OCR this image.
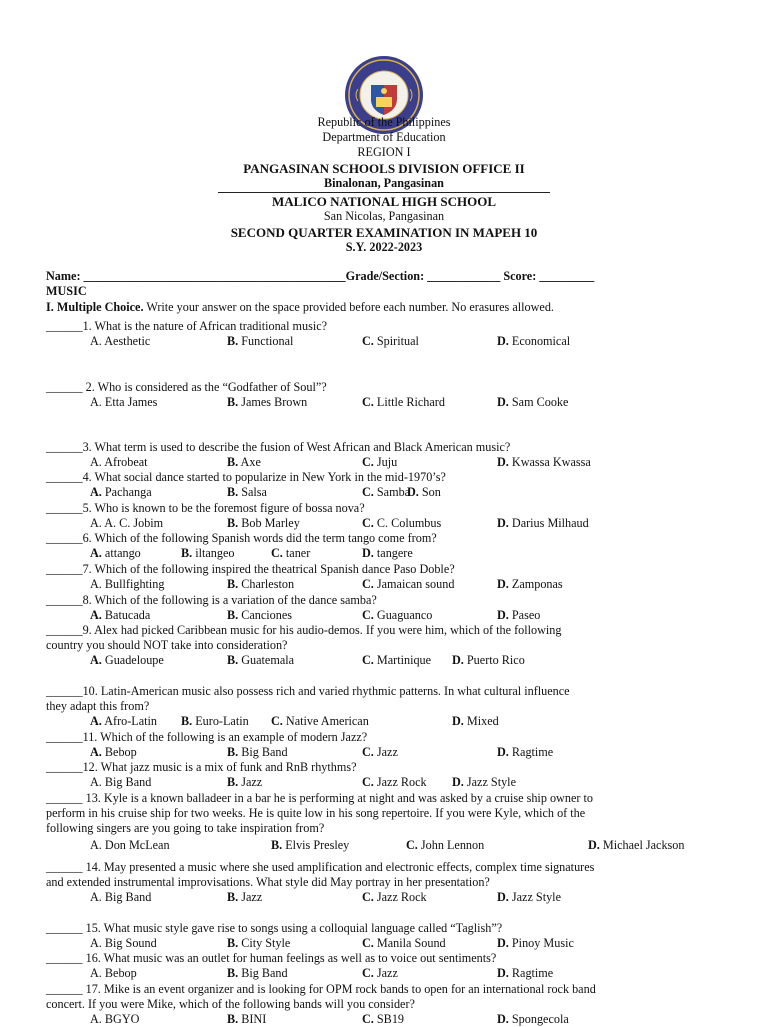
Republic of the Philippines
Department of Education
REGION I
PANGASINAN SCHOOLS DIVISION OFFICE II
Binalonan, Pangasinan
MALICO NATIONAL HIGH SCHOOL
San Nicolas, Pangasinan
SECOND QUARTER EXAMINATION IN MAPEH 10
S.Y. 2022-2023
Name: ___________________________________________Grade/Section: ____________ Score: _________
MUSIC
I. Multiple Choice. Write your answer on the space provided before each number. No erasures allowed.
______1. What is the nature of African traditional music?
A. Aesthetic	B. Functional	C. Spiritual	D. Economical
______ 2. Who is considered as the “Godfather of Soul”?
A. Etta James	B. James Brown	C. Little Richard	D. Sam Cooke
______3. What term is used to describe the fusion of West African and Black American music?
A. Afrobeat	B. Axe	C. Juju	D. Kwassa Kwassa
______4. What social dance started to popularize in New York in the mid-1970’s?
A. Pachanga	B. Salsa	C. Samba
D. Son
______5. Who is known to be the foremost figure of bossa nova?
A. A. C. Jobim	B. Bob Marley	C. C. Columbus	D. Darius Milhaud
______6. Which of the following Spanish words did the term tango come from?
A. attango	B. iltangeo	C. taner	D. tangere
______7. Which of the following inspired the theatrical Spanish dance Paso Doble?
A. Bullfighting	B. Charleston	C. Jamaican sound	D. Zamponas
______8. Which of the following is a variation of the dance samba?
A. Batucada	B. Canciones	C. Guaguanco	D. Paseo
______9. Alex had picked Caribbean music for his audio-demos. If you were him, which of the following
country you should NOT take into consideration?
A. Guadeloupe	B. Guatemala	C. Martinique D. Puerto Rico
______10. Latin-American music also possess rich and varied rhythmic patterns. In what cultural influence
they adapt this from?
A. Afro-Latin B. Euro-Latin C. Native American	D. Mixed
______11. Which of the following is an example of modern Jazz?
A. Bebop	B. Big Band	C. Jazz	D. Ragtime
______12. What jazz music is a mix of funk and RnB rhythms?
A. Big Band	B. Jazz	C. Jazz Rock D. Jazz Style
______ 13. Kyle is a known balladeer in a bar he is performing at night and was asked by a cruise ship owner to
perform in his cruise ship for two weeks. He is quite low in his song repertoire. If you were Kyle, which of the
following singers are you going to take inspiration from?
A. Don McLean	B. Elvis Presley	C. John Lennon	D. Michael Jackson
______ 14. May presented a music where she used amplification and electronic effects, complex time signatures
and extended instrumental improvisations. What style did May portray in her presentation?
A. Big Band	B. Jazz	C. Jazz Rock	D. Jazz Style
______ 15. What music style gave rise to songs using a colloquial language called “Taglish”?
A. Big Sound	B. City Style	C. Manila Sound	D. Pinoy Music
______ 16. What music was an outlet for human feelings as well as to voice out sentiments?
A. Bebop	B. Big Band	C. Jazz	D. Ragtime
______ 17. Mike is an event organizer and is looking for OPM rock bands to open for an international rock band
concert. If you were Mike, which of the following bands will you consider?
A. BGYO	B. BINI	C. SB19	D. Spongecola
